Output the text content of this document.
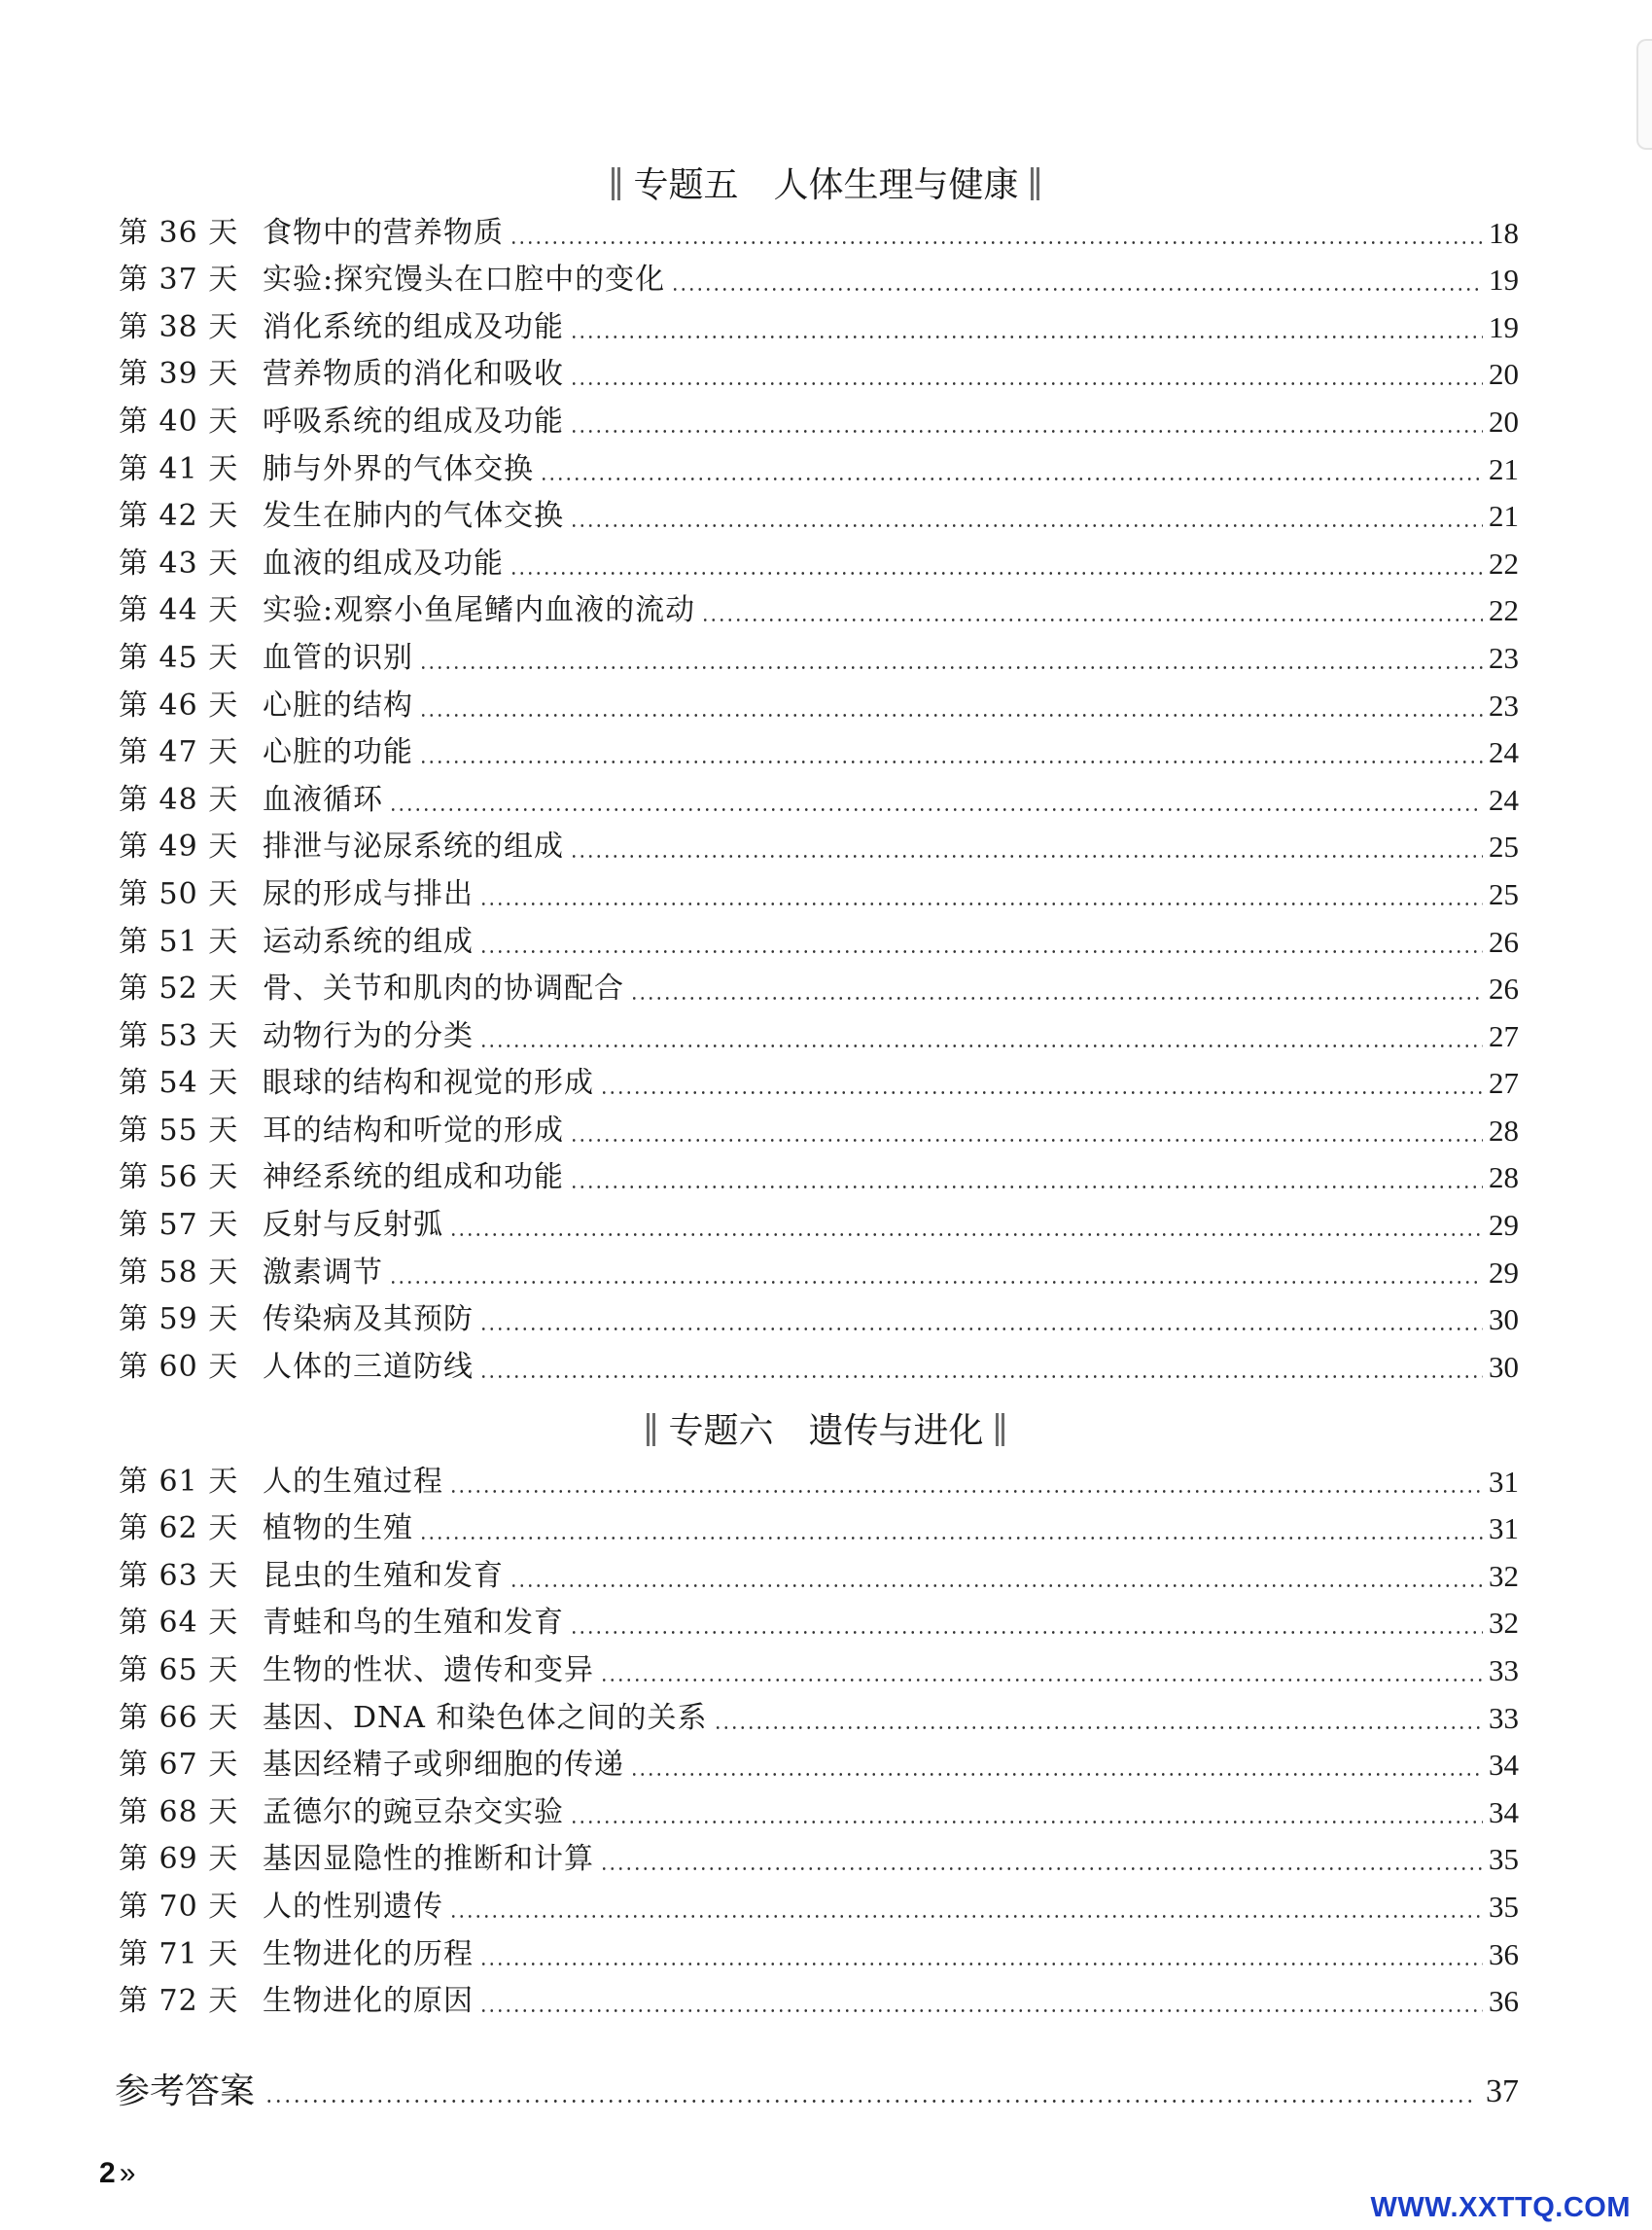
专题五 人体生理与健康
第 36 天 食物中的营养物质	18
第 37 天 实验:探究馒头在口腔中的变化	19
第 38 天 消化系统的组成及功能	19
第 39 天 营养物质的消化和吸收	20
第 40 天 呼吸系统的组成及功能	20
第 41 天 肺与外界的气体交换	21
第 42 天 发生在肺内的气体交换	21
第 43 天 血液的组成及功能	22
第 44 天 实验:观察小鱼尾鳍内血液的流动	22
第 45 天 血管的识别	23
第 46 天 心脏的结构	23
第 47 天 心脏的功能	24
第 48 天 血液循环	24
第 49 天 排泄与泌尿系统的组成	25
第 50 天 尿的形成与排出	25
第 51 天 运动系统的组成	26
第 52 天 骨、关节和肌肉的协调配合	26
第 53 天 动物行为的分类	27
第 54 天 眼球的结构和视觉的形成	27
第 55 天 耳的结构和听觉的形成	28
第 56 天 神经系统的组成和功能	28
第 57 天 反射与反射弧	29
第 58 天 激素调节	29
第 59 天 传染病及其预防	30
第 60 天 人体的三道防线	30
专题六 遗传与进化
第 61 天 人的生殖过程	31
第 62 天 植物的生殖	31
第 63 天 昆虫的生殖和发育	32
第 64 天 青蛙和鸟的生殖和发育	32
第 65 天 生物的性状、遗传和变异	33
第 66 天 基因、DNA 和染色体之间的关系	33
第 67 天 基因经精子或卵细胞的传递	34
第 68 天 孟德尔的豌豆杂交实验	34
第 69 天 基因显隐性的推断和计算	35
第 70 天 人的性别遗传	35
第 71 天 生物进化的历程	36
第 72 天 生物进化的原因	36
参考答案	37
2 »
WWW.XXTTQ.COM
